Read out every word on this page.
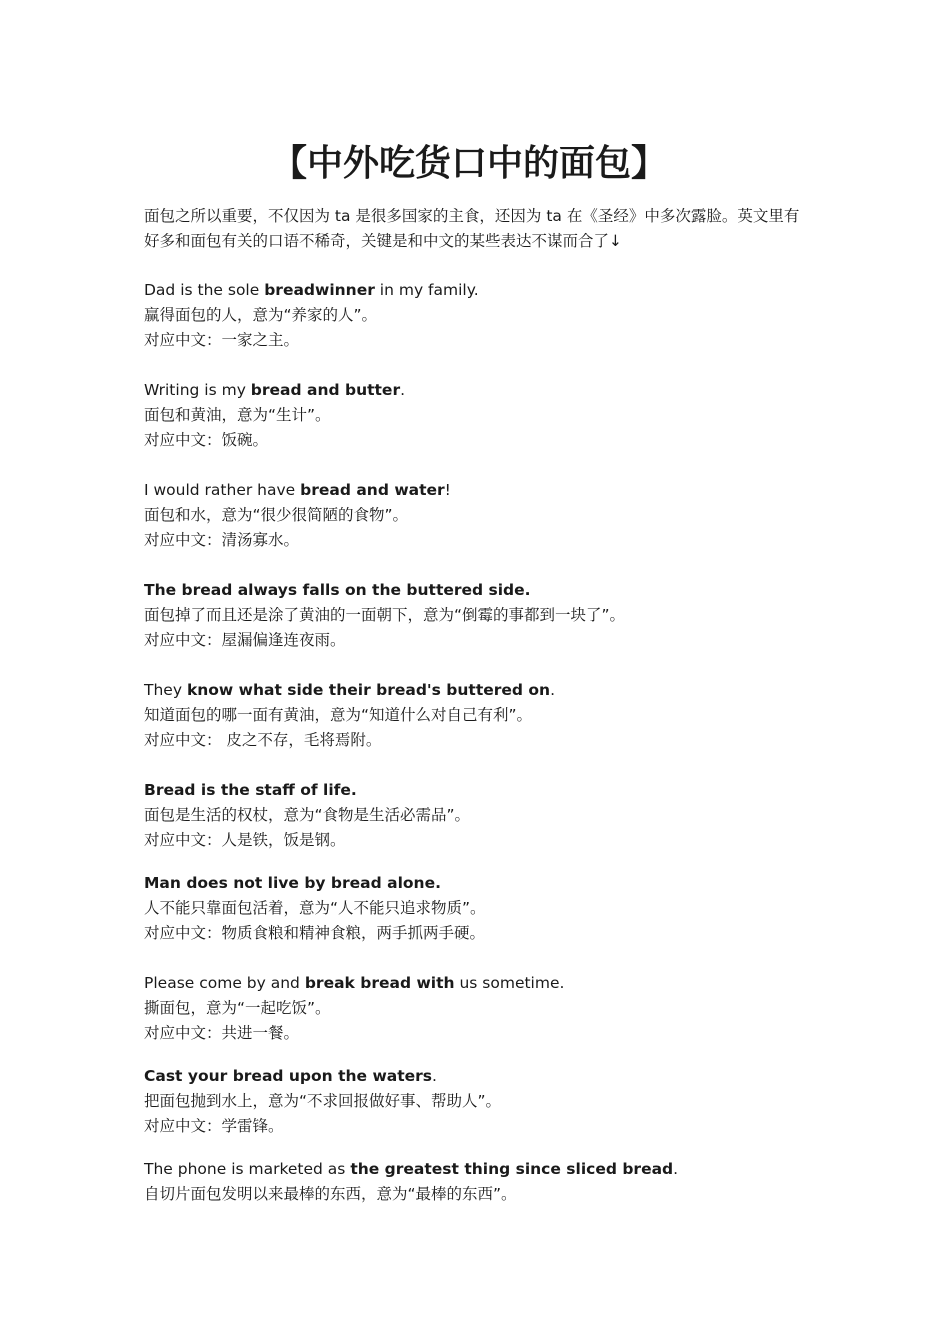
【中外吃货口中的面包】

面包之所以重要，不仅因为 ta 是很多国家的主食，还因为 ta 在《圣经》中多次露脸。英文里有好多和面包有关的口语不稀奇，关键是和中文的某些表达不谋而合了↓

Dad is the sole breadwinner in my family.
赢得面包的人，意为“养家的人”。
对应中文：一家之主。
Writing is my bread and butter.
面包和黄油，意为“生计”。
对应中文：饭碗。
I would rather have bread and water!
面包和水，意为“很少很简陋的食物”。
对应中文：清汤寡水。
The bread always falls on the buttered side.
面包掉了而且还是涂了黄油的一面朝下，意为“倒霉的事都到一块了”。
对应中文：屋漏偏逢连夜雨。
They know what side their bread's buttered on.
知道面包的哪一面有黄油，意为“知道什么对自己有利”。
对应中文： 皮之不存，毛将焉附。
Bread is the staff of life.
面包是生活的权杖，意为“食物是生活必需品”。
对应中文：人是铁，饭是钢。
Man does not live by bread alone.
人不能只靠面包活着，意为“人不能只追求物质”。
对应中文：物质食粮和精神食粮，两手抓两手硬。
Please come by and break bread with us sometime.
撕面包，意为“一起吃饭”。
对应中文：共进一餐。
Cast your bread upon the waters.
把面包抛到水上，意为“不求回报做好事、帮助人”。
对应中文：学雷锋。
The phone is marketed as the greatest thing since sliced bread.
自切片面包发明以来最棒的东西，意为“最棒的东西”。
